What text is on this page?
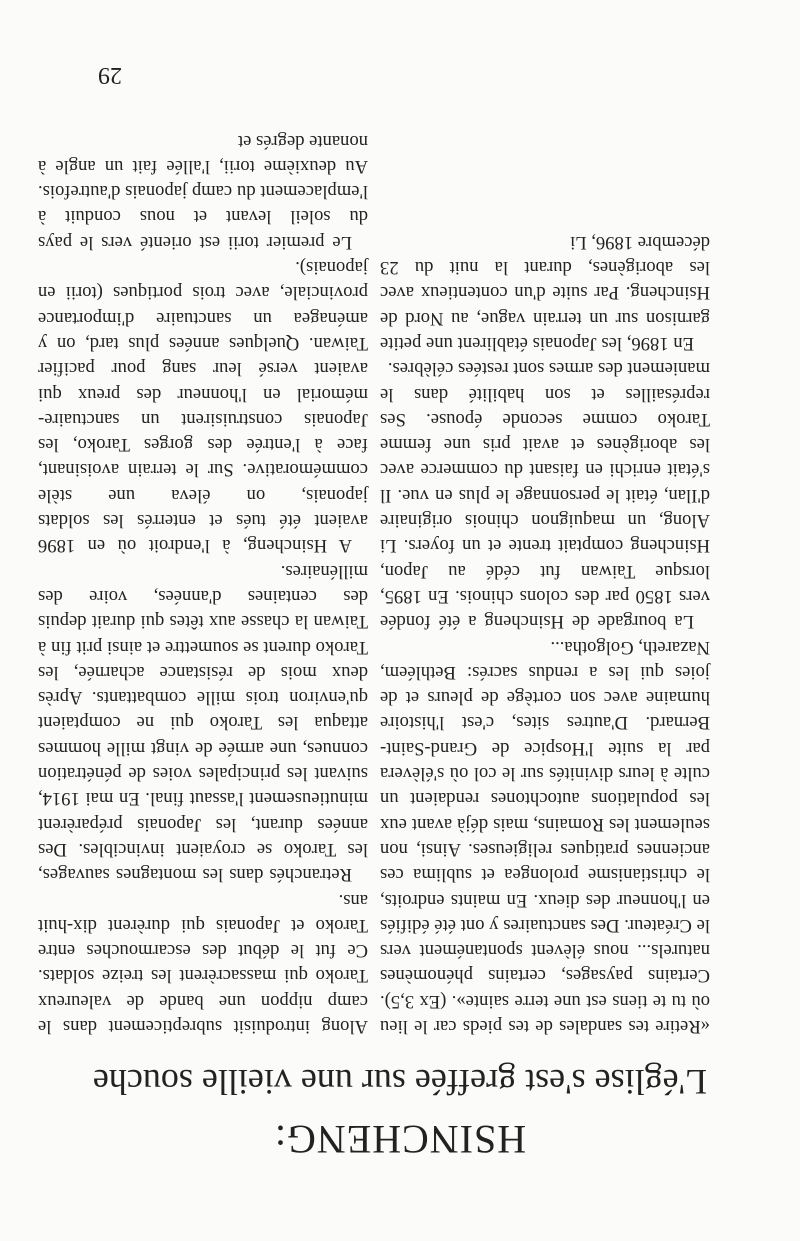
HSINCHENG:
L'église s'est greffée sur une vieille souche

«Retire tes sandales de tes pieds car le lieu où tu te tiens est une terre sainte». (Ex 3,5). Certains paysages, certains phénomènes naturels... nous élèvent spontanément vers le Créateur. Des sanctuaires y ont été édifiés en l'honneur des dieux. En maints endroits, le christianisme prolongea et sublima ces anciennes pratiques religieuses. Ainsi, non seulement les Romains, mais déjà avant eux les populations autochtones rendaient un culte à leurs divinités sur le col où s'élèvera par la suite l'Hospice de Grand-Saint-Bernard. D'autres sites, c'est l'histoire humaine avec son cortège de pleurs et de joies qui les a rendus sacrés: Bethléem, Nazareth, Golgotha...

La bourgade de Hsincheng a été fondée vers 1850 par des colons chinois. En 1895, lorsque Taiwan fut cédé au Japon, Hsincheng comptait trente et un foyers. Li Along, un maquignon chinois originaire d'Ilan, était le personnage le plus en vue. Il s'était enrichi en faisant du commerce avec les aborigènes et avait pris une femme Taroko comme seconde épouse. Ses représailles et son habilité dans le maniement des armes sont restées célèbres.

En 1896, les Japonais établirent une petite garnison sur un terrain vague, au Nord de Hsincheng. Par suite d'un contentieux avec les aborigènes, durant la nuit du 23 décembre 1896, Li

Along introduisit subrepticement dans le camp nippon une bande de valeureux Taroko qui massacrèrent les treize soldats. Ce fut le début des escarmouches entre Taroko et Japonais qui durèrent dix-huit ans.

Retranchés dans les montagnes sauvages, les Taroko se croyaient invincibles. Des années durant, les Japonais préparèrent minutieusement l'assaut final. En mai 1914, suivant les principales voies de pénétration connues, une armée de vingt mille hommes attaqua les Taroko qui ne comptaient qu'environ trois mille combattants. Après deux mois de résistance acharnée, les Taroko durent se soumettre et ainsi prit fin à Taiwan la chasse aux têtes qui durait depuis des centaines d'années, voire des millénaires.

A Hsincheng, à l'endroit où en 1896 avaient été tués et enterrés les soldats japonais, on éleva une stèle commémorative. Sur le terrain avoisinant, face à l'entrée des gorges Taroko, les Japonais construisirent un sanctuaire-mémorial en l'honneur des preux qui avaient versé leur sang pour pacifier Taiwan. Quelques années plus tard, on y aménagea un sanctuaire d'importance provinciale, avec trois portiques (torii en japonais).

Le premier torii est orienté vers le pays du soleil levant et nous conduit à l'emplacement du camp japonais d'autrefois. Au deuxième torii, l'allée fait un angle à nonante degrés et

29
